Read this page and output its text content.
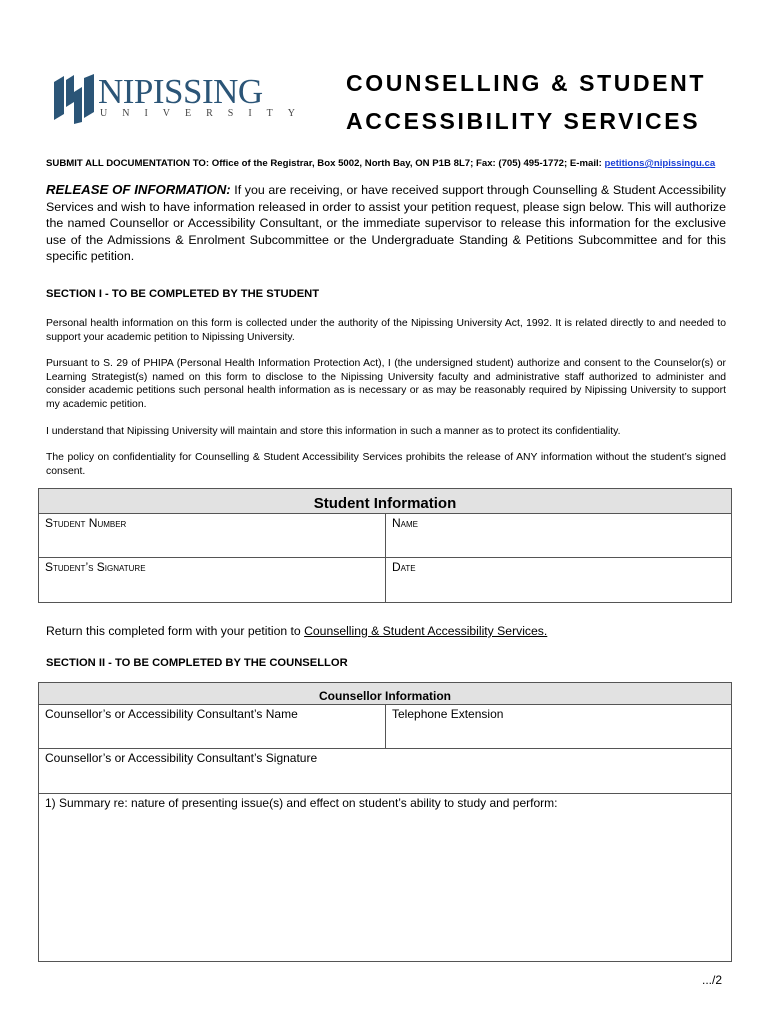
NIPISSING
UNIVERSITY
COUNSELLING & STUDENT
ACCESSIBILITY SERVICES
SUBMIT ALL DOCUMENTATION TO: Office of the Registrar, Box 5002, North Bay, ON P1B 8L7; Fax: (705) 495-1772; E-mail: petitions@nipissingu.ca
RELEASE OF INFORMATION: If you are receiving, or have received support through Counselling & Student Accessibility Services and wish to have information released in order to assist your petition request, please sign below. This will authorize the named Counsellor or Accessibility Consultant, or the immediate supervisor to release this information for the exclusive use of the Admissions & Enrolment Subcommittee or the Undergraduate Standing & Petitions Subcommittee and for this specific petition.
SECTION I - TO BE COMPLETED BY THE STUDENT
Personal health information on this form is collected under the authority of the Nipissing University Act, 1992. It is related directly to and needed to support your academic petition to Nipissing University.
Pursuant to S. 29 of PHIPA (Personal Health Information Protection Act), I (the undersigned student) authorize and consent to the Counselor(s) or Learning Strategist(s) named on this form to disclose to the Nipissing University faculty and administrative staff authorized to administer and consider academic petitions such personal health information as is necessary or as may be reasonably required by Nipissing University to support my academic petition.
I understand that Nipissing University will maintain and store this information in such a manner as to protect its confidentiality.
The policy on confidentiality for Counselling & Student Accessibility Services prohibits the release of ANY information without the student’s signed consent.
Student Information	
Student Number	Name
Student’s Signature	Date
Return this completed form with your petition to Counselling & Student Accessibility Services.
SECTION II - TO BE COMPLETED BY THE COUNSELLOR
Counsellor Information
Counsellor’s or Accessibility Consultant’s Name	Telephone Extension
Counsellor’s or Accessibility Consultant’s Signature
1) Summary re: nature of presenting issue(s) and effect on student’s ability to study and perform:
.../2
